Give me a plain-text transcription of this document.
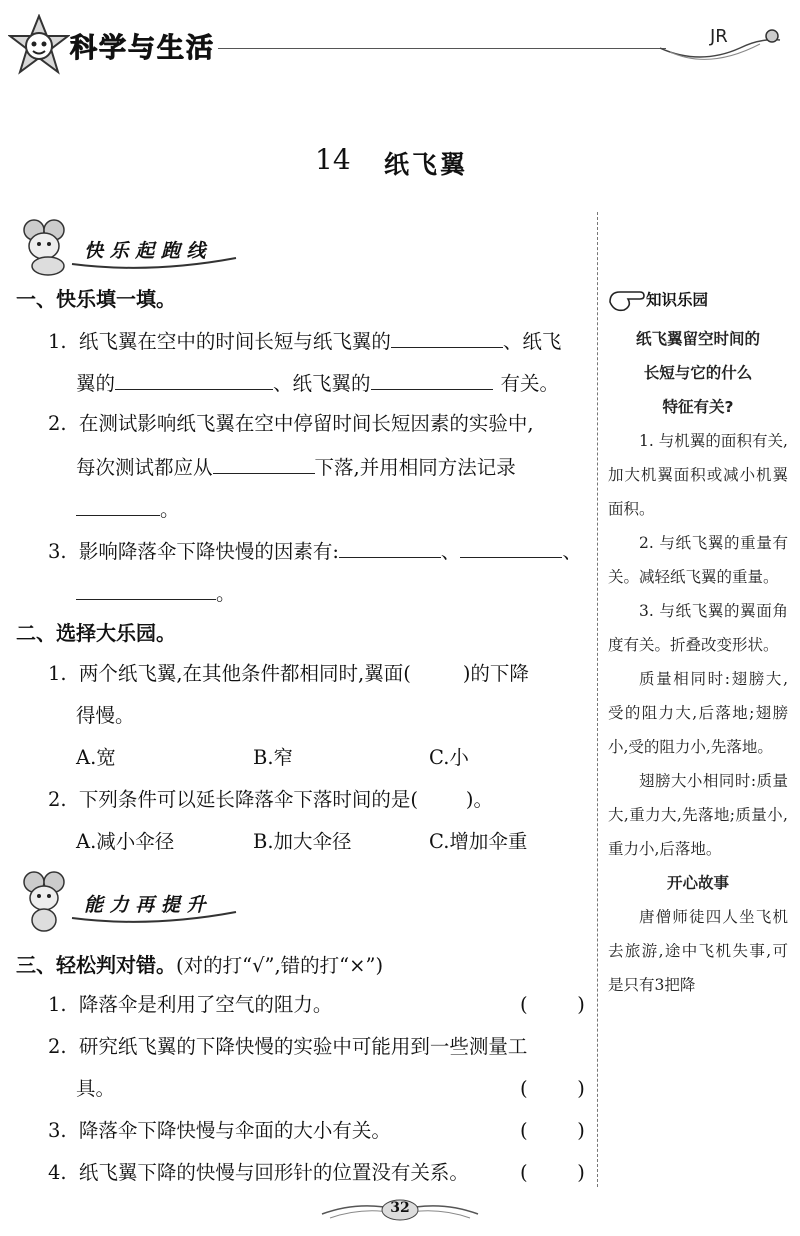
科学与生活	JR
14 纸飞翼
快 乐 起 跑 线
一、快乐填一填。
1. 纸飞翼在空中的时间长短与纸飞翼的	、纸飞
翼的	、纸飞翼的	有关。
2. 在测试影响纸飞翼在空中停留时间长短因素的实验中,
每次测试都应从	下落,并用相同方法记录
。
3. 影响降落伞下降快慢的因素有:	、	、
。
二、选择大乐园。
1. 两个纸飞翼,在其他条件都相同时,翼面(	)的下降
得慢。
A.宽	B.窄	C.小
2. 下列条件可以延长降落伞下落时间的是( )。
A.减小伞径	B.加大伞径	C.增加伞重
能 力 再 提 升
三、轻松判对错。(对的打“√”,错的打“×”)
1. 降落伞是利用了空气的阻力。	(        )
2. 研究纸飞翼的下降快慢的实验中可能用到一些测量工
具。	(        )
3. 降落伞下降快慢与伞面的大小有关。	(        )
4. 纸飞翼下降的快慢与回形针的位置没有关系。	(        )
知识乐园

纸飞翼留空时间的

长短与它的什么

特征有关?

1. 与机翼的面积有关,加大机翼面积或减小机翼面积。

2. 与纸飞翼的重量有关。减轻纸飞翼的重量。

3. 与纸飞翼的翼面角度有关。折叠改变形状。

质量相同时:翅膀大,受的阻力大,后落地;翅膀小,受的阻力小,先落地。

翅膀大小相同时:质量大,重力大,先落地;质量小,重力小,后落地。

开心故事

唐僧师徒四人坐飞机去旅游,途中飞机失事,可是只有3把降

32
